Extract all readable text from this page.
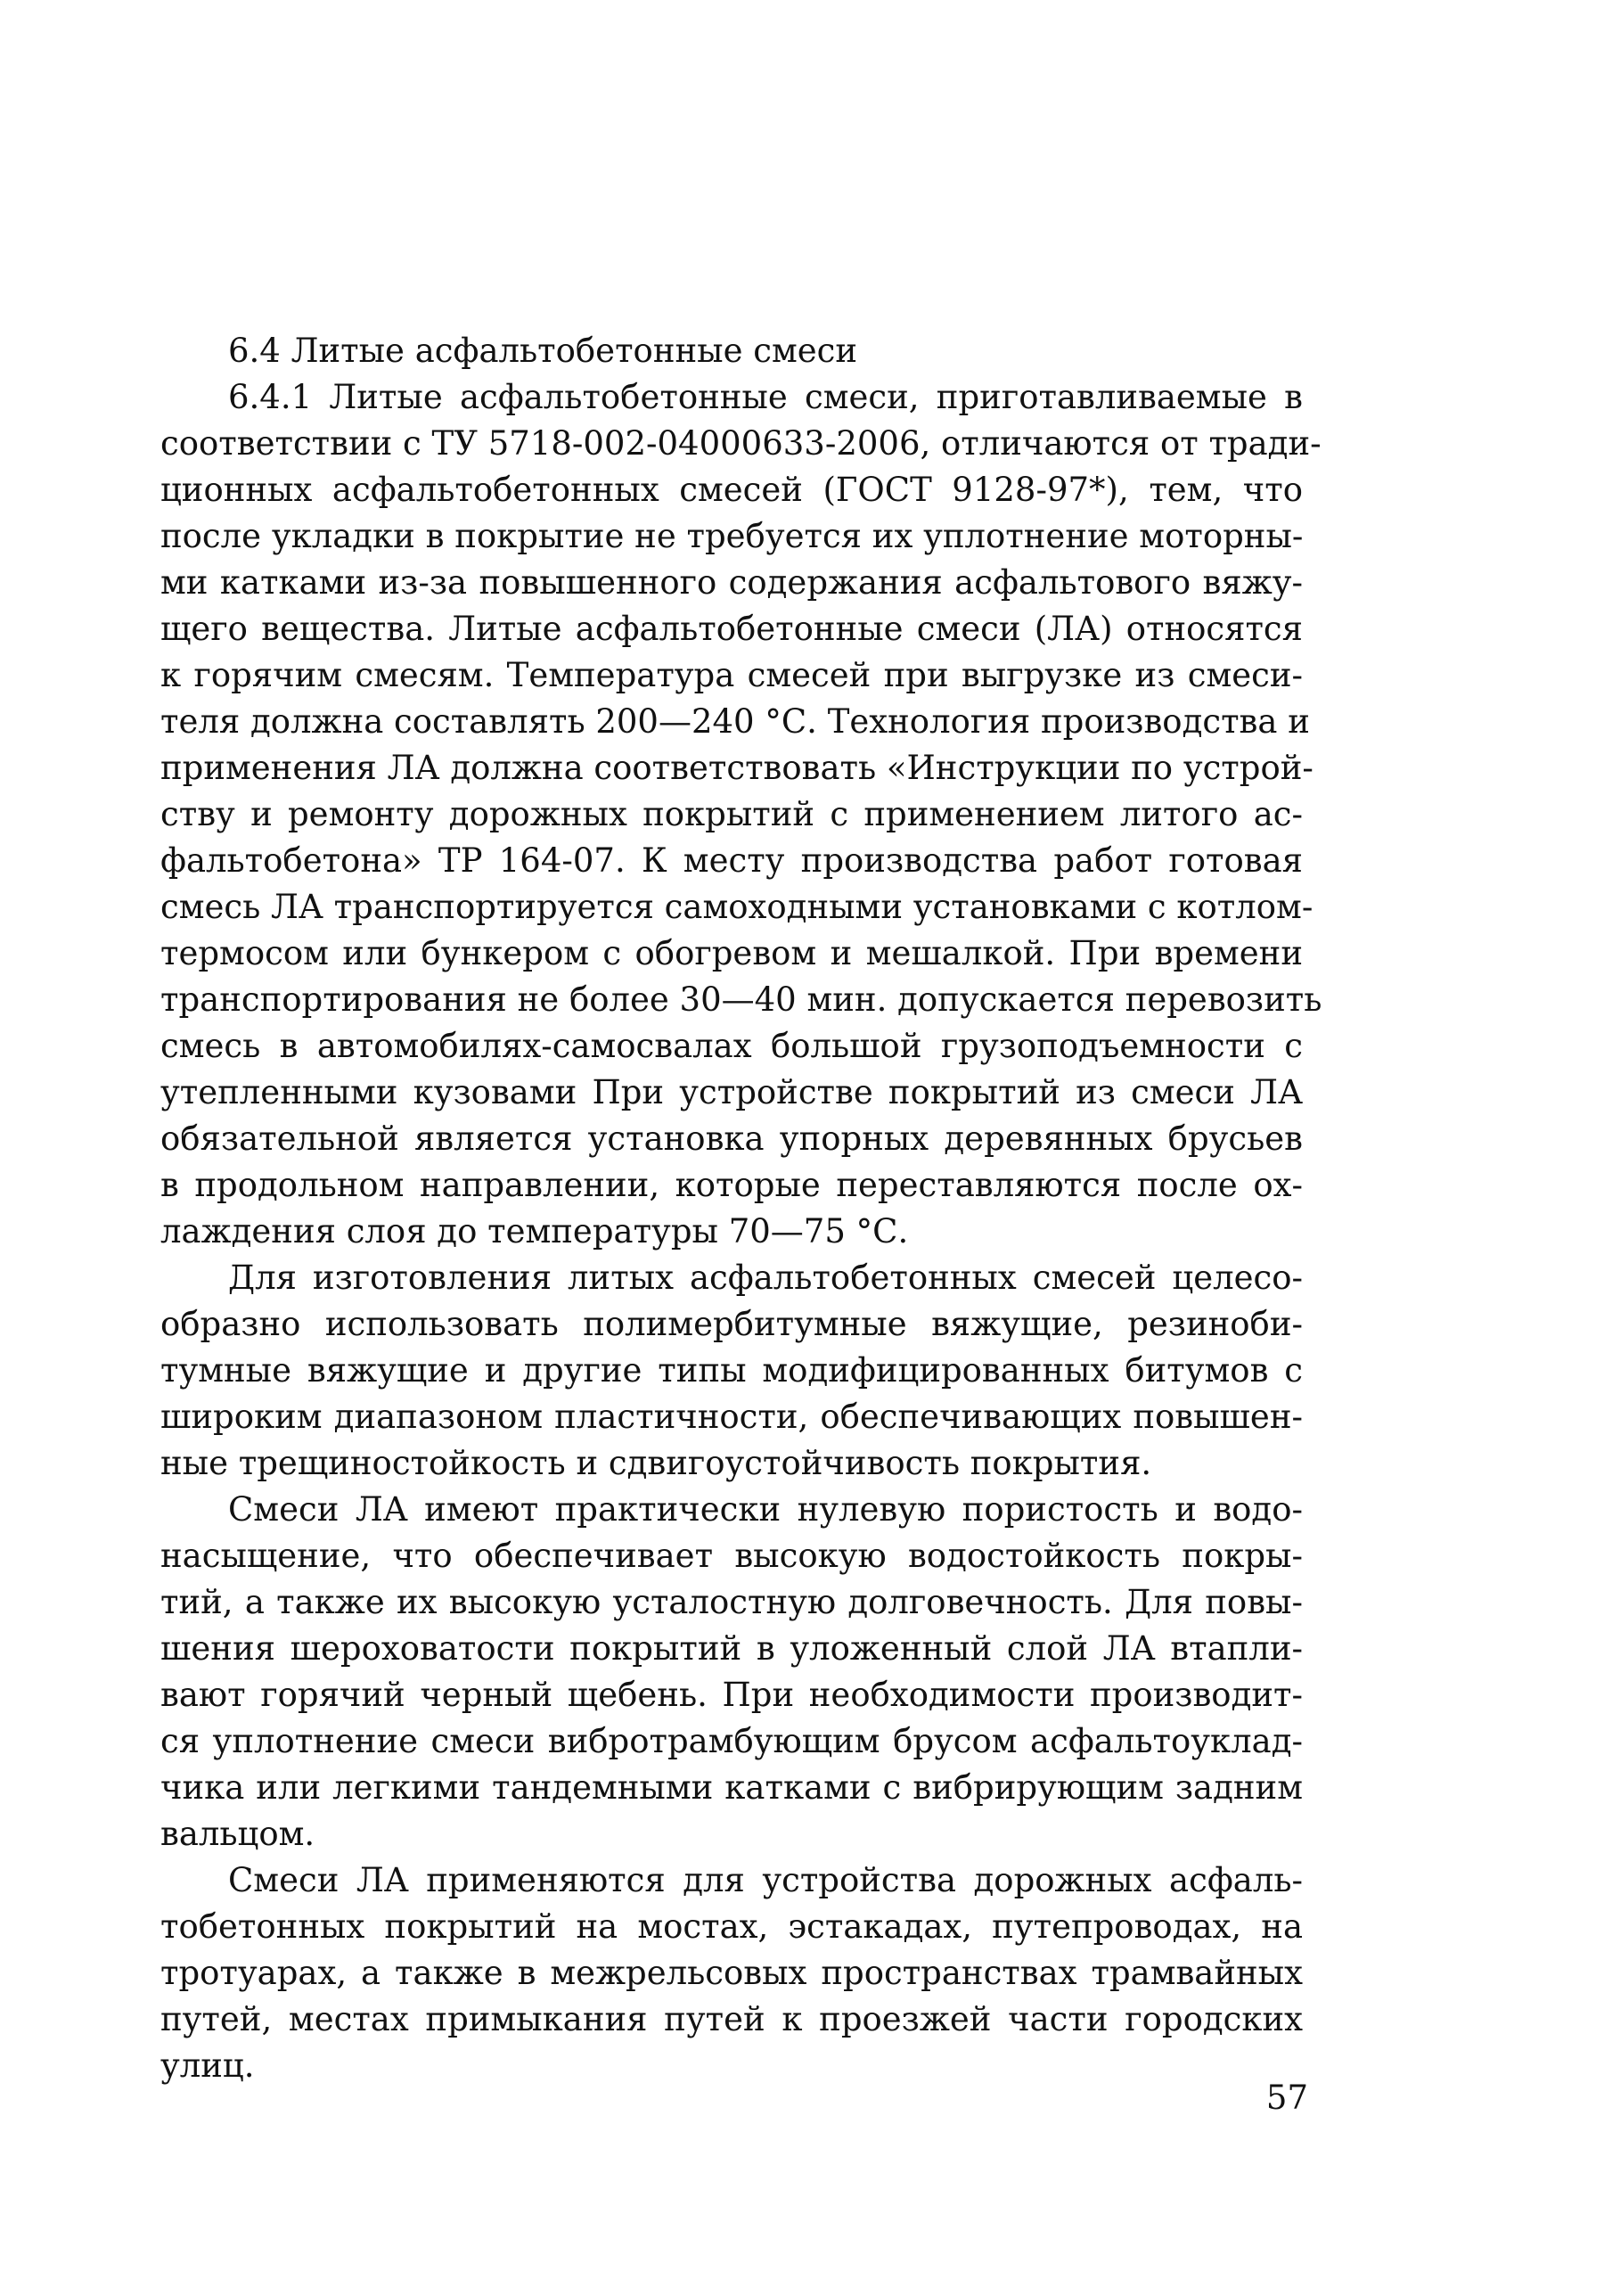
6.4 Литые асфальтобетонные смеси
6.4.1 Литые асфальтобетонные смеси, приготавливаемые в
соответствии с ТУ 5718-002-04000633-2006, отличаются от тради-
ционных асфальтобетонных смесей (ГОСТ 9128-97*), тем, что
после укладки в покрытие не требуется их уплотнение моторны-
ми катками из-за повышенного содержания асфальтового вяжу-
щего вещества. Литые асфальтобетонные смеси (ЛА) относятся
к горячим смесям. Температура смесей при выгрузке из смеси-
теля должна составлять 200—240 °С. Технология производства и
применения ЛА должна соответствовать «Инструкции по устрой-
ству и ремонту дорожных покрытий с применением литого ас-
фальтобетона» ТР 164-07. К месту производства работ готовая
смесь ЛА транспортируется самоходными установками с котлом-
термосом или бункером с обогревом и мешалкой. При времени
транспортирования не более 30—40 мин. допускается перевозить
смесь в автомобилях-самосвалах большой грузоподъемности с
утепленными кузовами При устройстве покрытий из смеси ЛА
обязательной является установка упорных деревянных брусьев
в продольном направлении, которые переставляются после ох-
лаждения слоя до температуры 70—75 °С.
Для изготовления литых асфальтобетонных смесей целесо-
образно использовать полимербитумные вяжущие, резиноби-
тумные вяжущие и другие типы модифицированных битумов с
широким диапазоном пластичности, обеспечивающих повышен-
ные трещиностойкость и сдвигоустойчивость покрытия.
Смеси ЛА имеют практически нулевую пористость и водо-
насыщение, что обеспечивает высокую водостойкость покры-
тий, а также их высокую усталостную долговечность. Для повы-
шения шероховатости покрытий в уложенный слой ЛА втапли-
вают горячий черный щебень. При необходимости производит-
ся уплотнение смеси вибротрамбующим брусом асфальтоуклад-
чика или легкими тандемными катками с вибрирующим задним
вальцом.
Смеси ЛА применяются для устройства дорожных асфаль-
тобетонных покрытий на мостах, эстакадах, путепроводах, на
тротуарах, а также в межрельсовых пространствах трамвайных
путей, местах примыкания путей к проезжей части городских
улиц.
57
